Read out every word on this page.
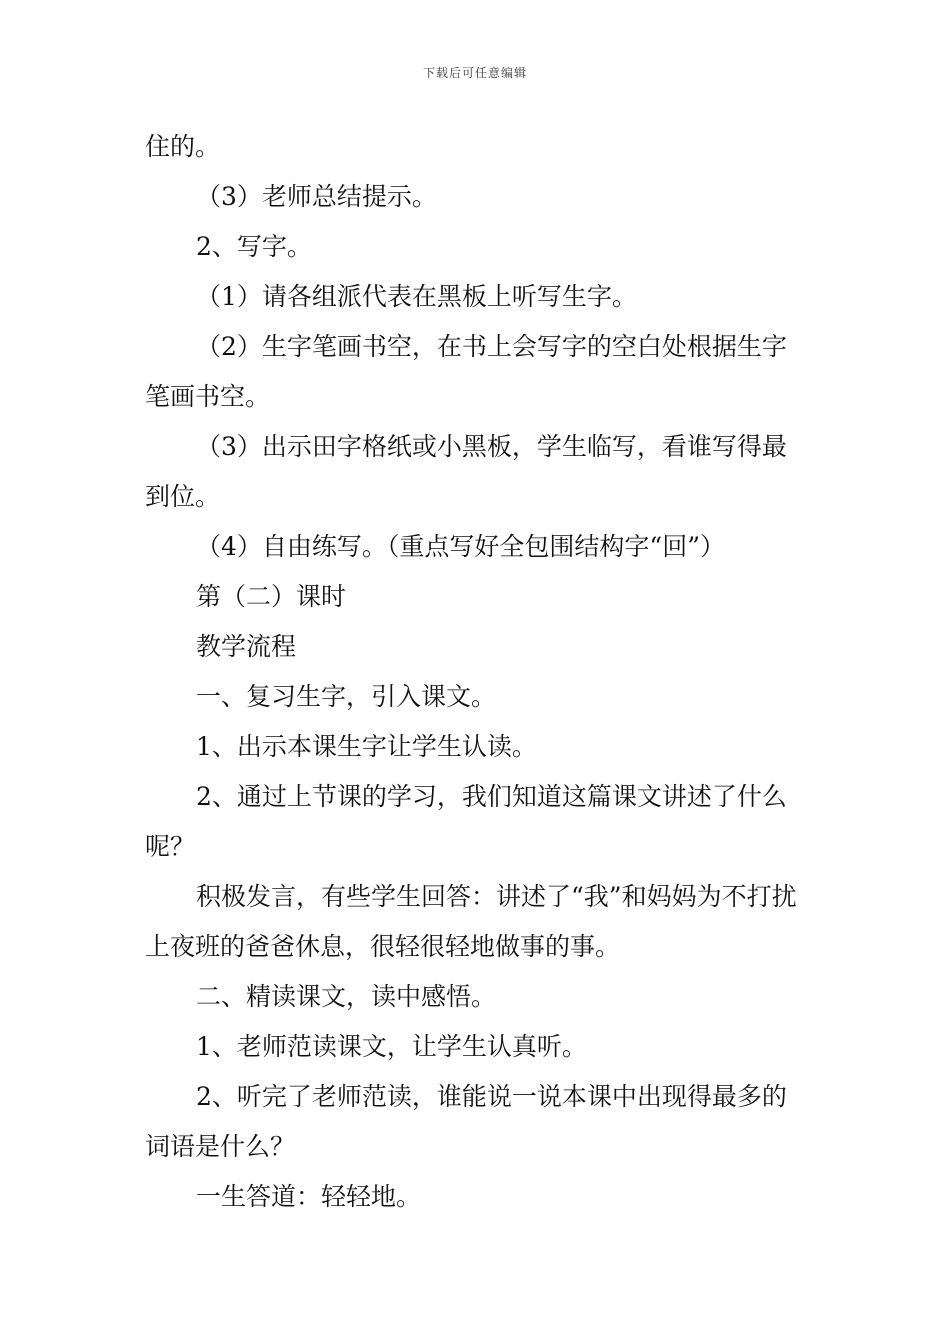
下载后可任意编辑

住的。

（3）老师总结提示。

2、写字。

（1）请各组派代表在黑板上听写生字。

（2）生字笔画书空，在书上会写字的空白处根据生字笔画书空。

（3）出示田字格纸或小黑板，学生临写，看谁写得最到位。

（4）自由练写。（重点写好全包围结构字“回”）

第（二）课时

教学流程

一、复习生字，引入课文。

1、出示本课生字让学生认读。

2、通过上节课的学习，我们知道这篇课文讲述了什么呢？

积极发言，有些学生回答：讲述了“我”和妈妈为不打扰上夜班的爸爸休息，很轻很轻地做事的事。

二、精读课文，读中感悟。

1、老师范读课文，让学生认真听。

2、听完了老师范读，谁能说一说本课中出现得最多的词语是什么？

一生答道：轻轻地。
